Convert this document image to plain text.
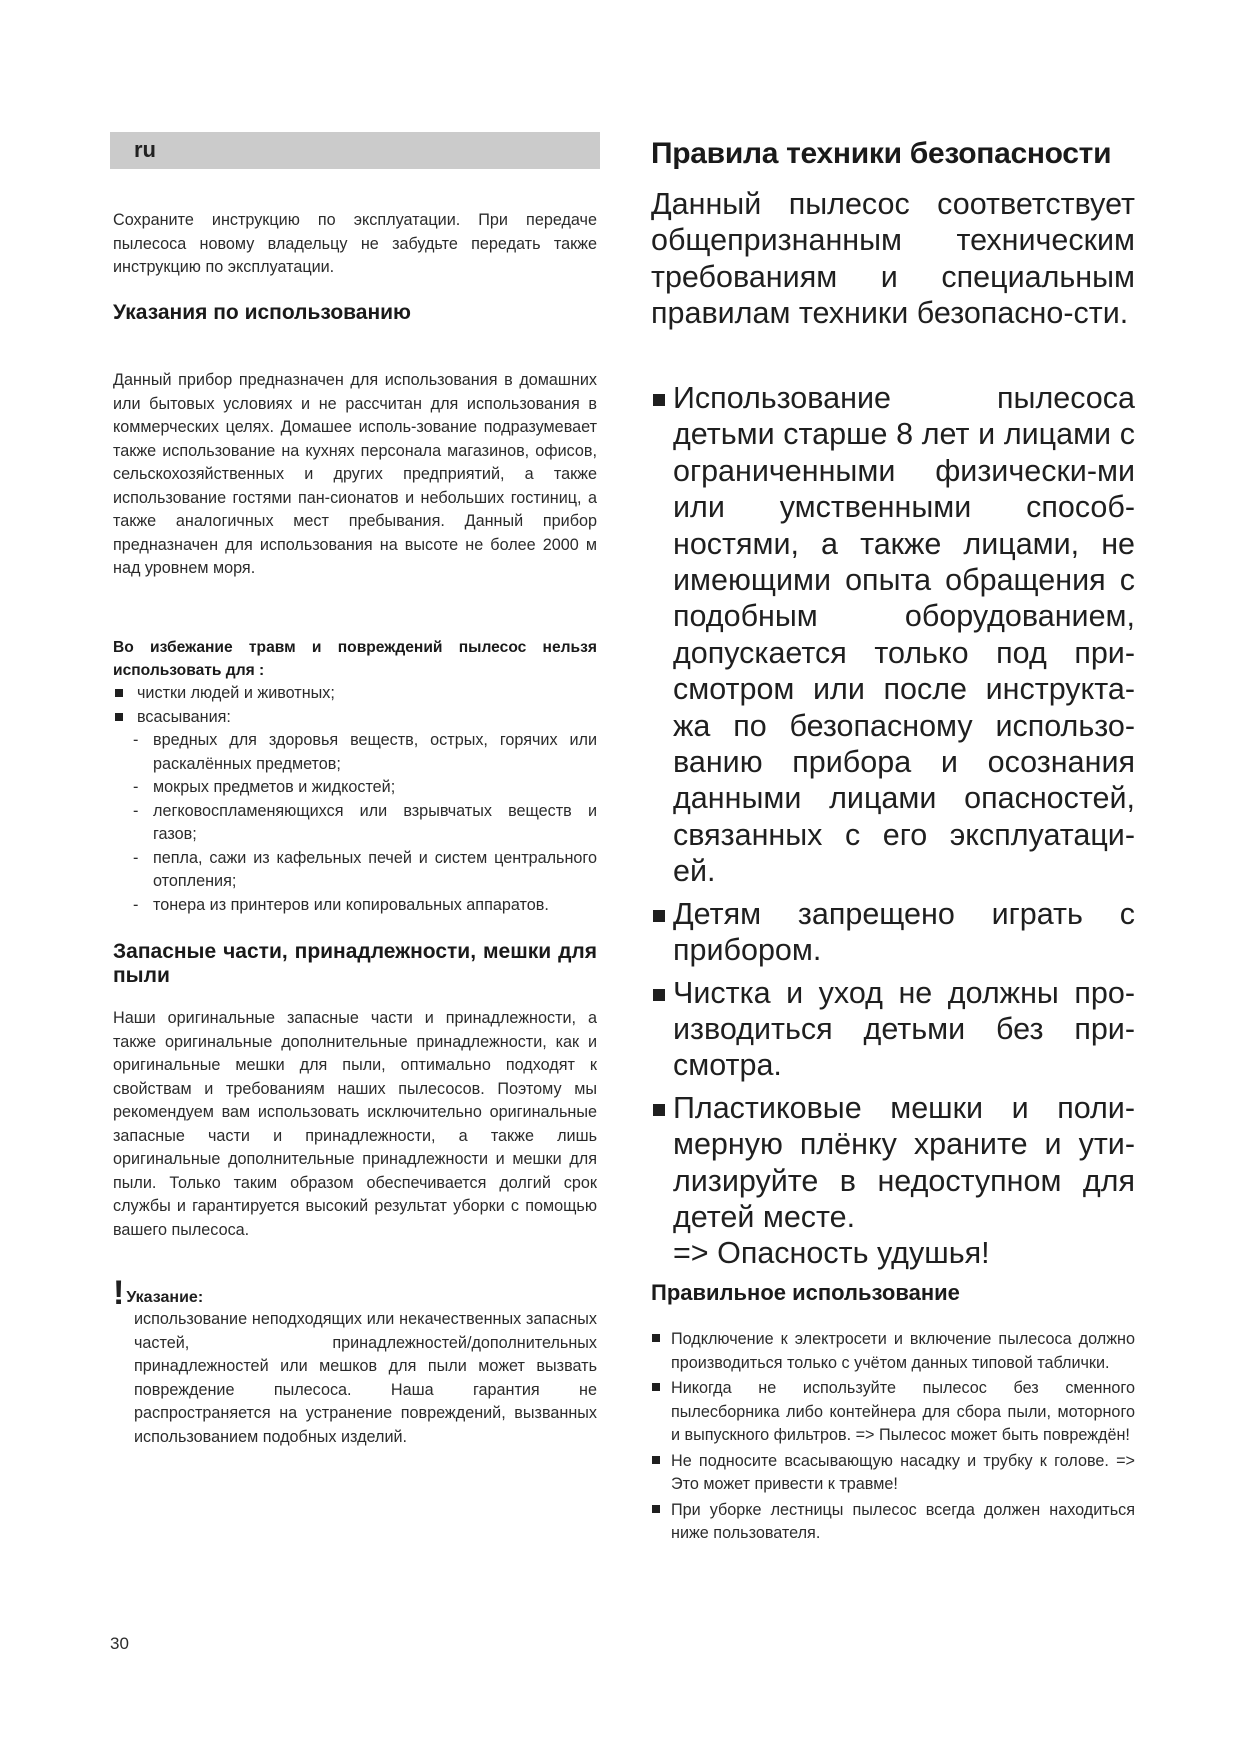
ru

Сохраните инструкцию по эксплуатации. При передаче пылесоса новому владельцу не забудьте передать также инструкцию по эксплуатации.

Указания по использованию

Данный прибор предназначен для использования в домашних или бытовых условиях и не рассчитан для использования в коммерческих целях. Домашее исполь-зование подразумевает также использование на кухнях персонала магазинов, офисов, сельскохозяйственных и других предприятий, а также использование гостями пан-сионатов и небольших гостиниц, а также аналогичных мест пребывания. Данный прибор предназначен для использования на высоте не более 2000 м над уровнем моря.

Во избежание травм и повреждений пылесос нельзя использовать для :

чистки людей и животных;
всасывания:
- вредных для здоровья веществ, острых, горячих или раскалённых предметов;
- мокрых предметов и жидкостей;
- легковоспламеняющихся или взрывчатых веществ и газов;
- пепла, сажи из кафельных печей и систем центрального отопления;
- тонера из принтеров или копировальных аппаратов.
Запасные части, принадлежности, мешки для пыли

Наши оригинальные запасные части и принадлежности, а также оригинальные дополнительные принадлежности, как и оригинальные мешки для пыли, оптимально подходят к свойствам и требованиям наших пылесосов. Поэтому мы рекомендуем вам использовать исключительно оригинальные запасные части и принадлежности, а также лишь оригинальные дополнительные принадлежности и мешки для пыли. Только таким образом обеспечивается долгий срок службы и гарантируется высокий результат уборки с помощью вашего пылесоса.

! Указание:

использование неподходящих или некачественных запасных частей, принадлежностей/дополнительных принадлежностей или мешков для пыли может вызвать повреждение пылесоса. Наша гарантия не распространяется на устранение повреждений, вызванных использованием подобных изделий.

Правила техники безопасности

Данный пылесос соответствует общепризнанным техническим требованиям и специальным правилам техники безопасно-сти.

Использование пылесоса детьми старше 8 лет и лицами с ограниченными физически-ми или умственными способ-ностями, а также лицами, не имеющими опыта обращения с подобным оборудованием, допускается только под при-смотром или после инструкта-жа по безопасному использо-ванию прибора и осознания данными лицами опасностей, связанных с его эксплуатаци-ей.
Детям запрещено играть с прибором.
Чистка и уход не должны про-изводиться детьми без при-смотра.
Пластиковые мешки и поли-мерную плёнку храните и ути-лизируйте в недоступном для детей месте.
=> Опасность удушья!
Правильное использование
Подключение к электросети и включение пылесоса должно производиться только с учётом данных типовой таблички.
Никогда не используйте пылесос без сменного пылесборника либо контейнера для сбора пыли, моторного и выпускного фильтров. => Пылесос может быть повреждён!
Не подносите всасывающую насадку и трубку к голове. => Это может привести к травме!
При уборке лестницы пылесос всегда должен находиться ниже пользователя.
30
